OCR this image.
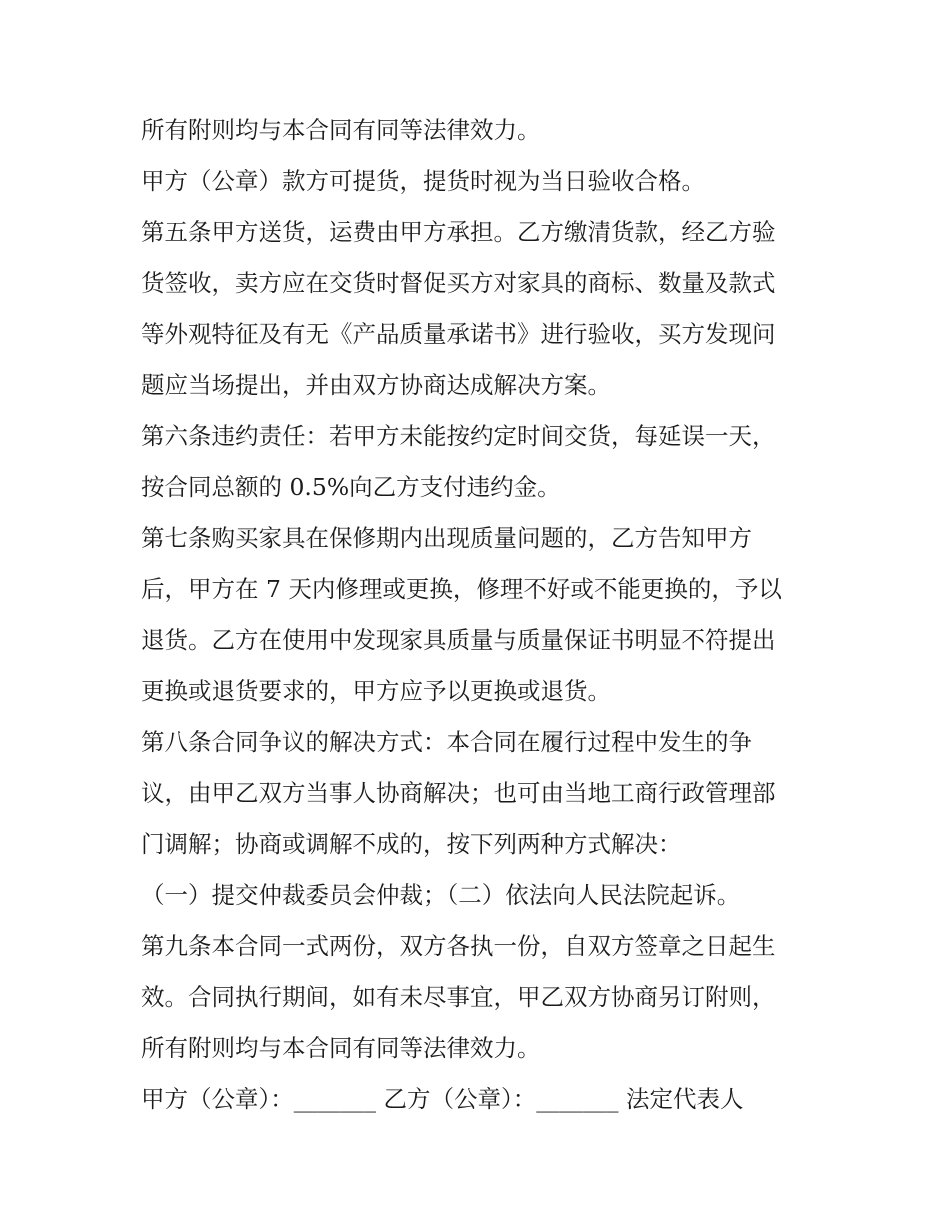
所有附则均与本合同有同等法律效力。
甲方（公章）款方可提货，提货时视为当日验收合格。
第五条甲方送货，运费由甲方承担。乙方缴清货款，经乙方验
货签收，卖方应在交货时督促买方对家具的商标、数量及款式
等外观特征及有无《产品质量承诺书》进行验收，买方发现问
题应当场提出，并由双方协商达成解决方案。
第六条违约责任：若甲方未能按约定时间交货，每延误一天，
按合同总额的 0.5%向乙方支付违约金。
第七条购买家具在保修期内出现质量问题的，乙方告知甲方
后，甲方在 7 天内修理或更换，修理不好或不能更换的，予以
退货。乙方在使用中发现家具质量与质量保证书明显不符提出
更换或退货要求的，甲方应予以更换或退货。
第八条合同争议的解决方式：本合同在履行过程中发生的争
议，由甲乙双方当事人协商解决；也可由当地工商行政管理部
门调解；协商或调解不成的，按下列两种方式解决：
（一）提交仲裁委员会仲裁；（二）依法向人民法院起诉。
第九条本合同一式两份，双方各执一份，自双方签章之日起生
效。合同执行期间，如有未尽事宜，甲乙双方协商另订附则，
所有附则均与本合同有同等法律效力。
甲方（公章）：_______ 乙方（公章）：_______ 法定代表人
